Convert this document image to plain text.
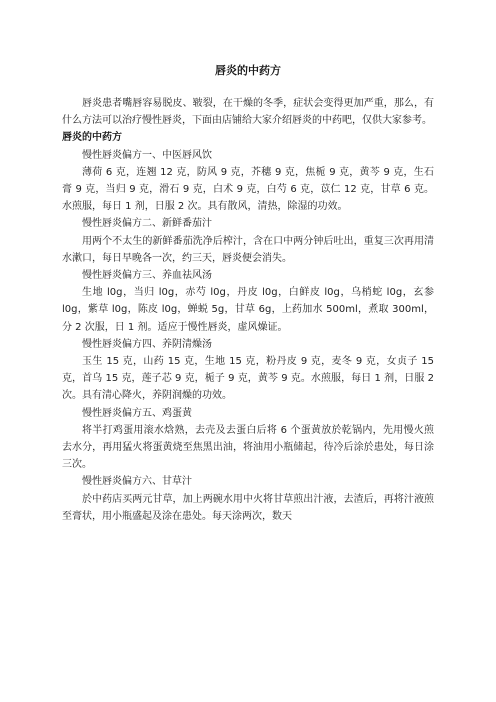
唇炎的中药方

唇炎患者嘴唇容易脱皮、皲裂，在干燥的冬季，症状会变得更加严重，那么，有什么方法可以治疗慢性唇炎，下面由店铺给大家介绍唇炎的中药吧，仅供大家参考。

唇炎的中药方

慢性唇炎偏方一、中医唇风饮

薄荷 6 克，连翘 12 克，防风 9 克，芥穗 9 克，焦栀 9 克，黄芩 9 克，生石膏 9 克，当归 9 克，滑石 9 克，白术 9 克，白芍 6 克，苡仁 12 克，甘草 6 克。水煎服，每日 1 剂，日服 2 次。具有散风，清热，除湿的功效。

慢性唇炎偏方二、新鲜番茄汁

用两个不太生的新鲜番茄洗净后榨汁，含在口中两分钟后吐出，重复三次再用清水漱口，每日早晚各一次，约三天，唇炎便会消失。

慢性唇炎偏方三、养血祛风汤

生地 l0g，当归 l0g，赤芍 l0g，丹皮 l0g，白鲜皮 l0g，乌梢蛇 l0g，玄参 l0g，紫草 l0g，陈皮 l0g，蝉蜕 5g，甘草 6g，上药加水 500ml，煮取 300ml，分 2 次服，日 1 剂。适应于慢性唇炎，虚风燥证。

慢性唇炎偏方四、养阴清燥汤

玉生 15 克，山药 15 克，生地 15 克，粉丹皮 9 克，麦冬 9 克，女贞子 15 克，首乌 15 克，莲子芯 9 克，栀子 9 克，黄芩 9 克。水煎服，每日 1 剂，日服 2 次。具有清心降火，养阴润燥的功效。

慢性唇炎偏方五、鸡蛋黄

将半打鸡蛋用滚水焓熟，去壳及去蛋白后将 6 个蛋黄放於乾锅内，先用慢火煎去水分，再用猛火将蛋黄烧至焦黑出油，将油用小瓶储起，待冷后涂於患处，每日涂三次。

慢性唇炎偏方六、甘草汁

於中药店买两元甘草，加上两碗水用中火将甘草煎出汁液，去渣后，再将汁液煎至膏状，用小瓶盛起及涂在患处。每天涂两次，数天
